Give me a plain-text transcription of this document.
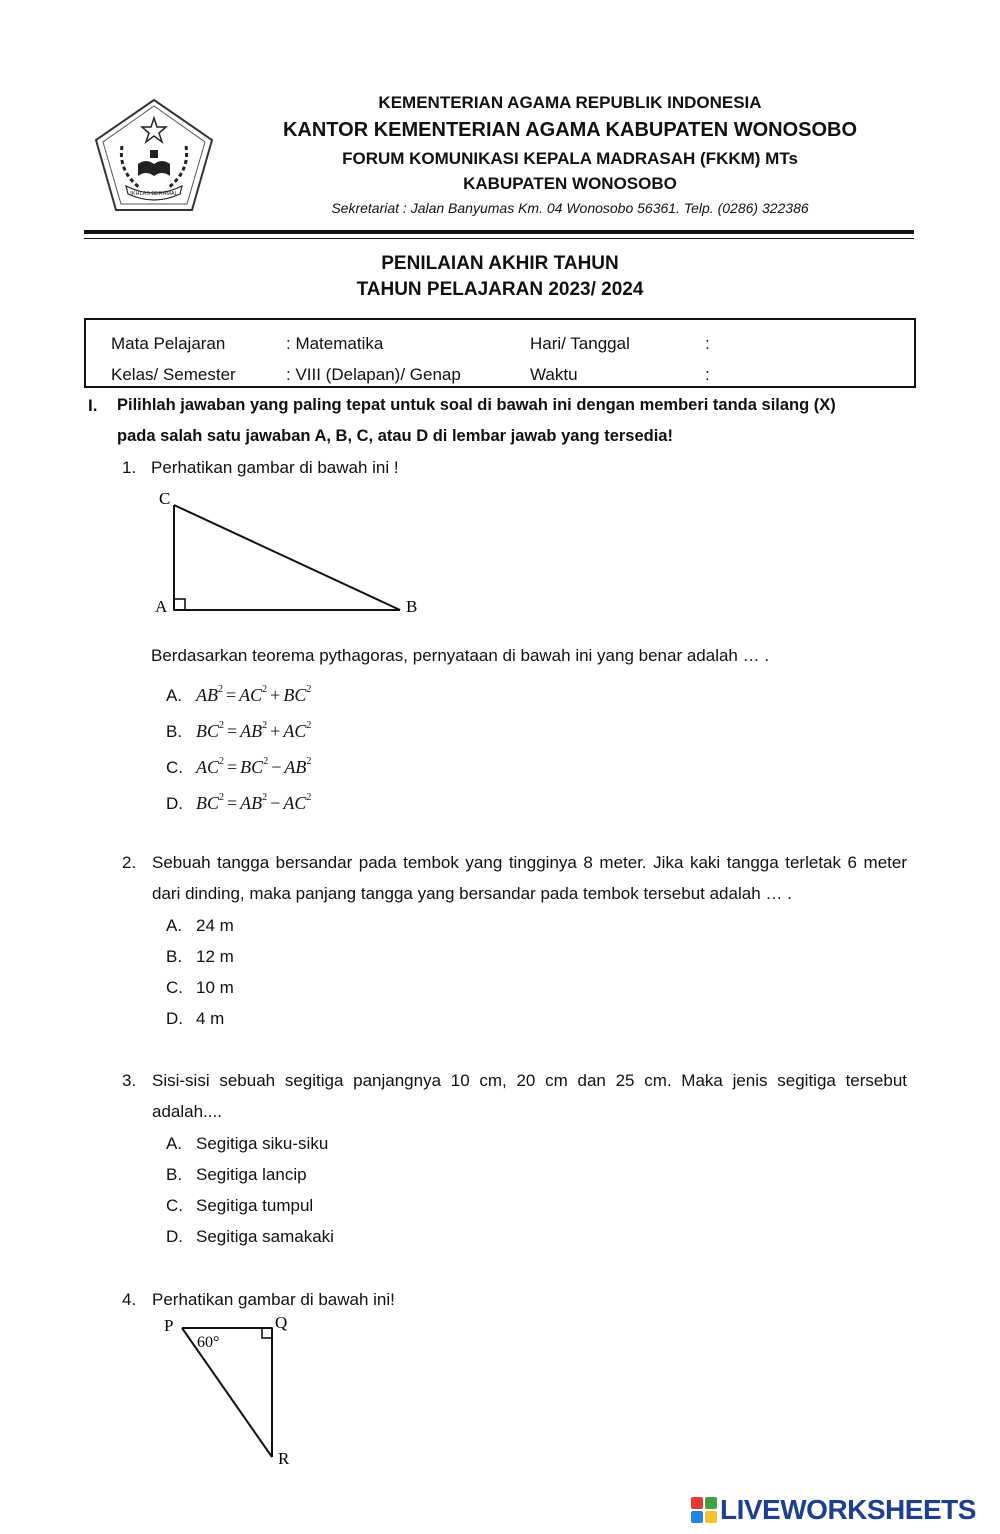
IKHLAS BERAMAL
KEMENTERIAN AGAMA REPUBLIK INDONESIA
KANTOR KEMENTERIAN AGAMA KABUPATEN WONOSOBO
FORUM KOMUNIKASI KEPALA MADRASAH (FKKM) MTs
KABUPATEN WONOSOBO
Sekretariat : Jalan Banyumas Km. 04 Wonosobo 56361. Telp. (0286) 322386
PENILAIAN AKHIR TAHUN
TAHUN PELAJARAN 2023/ 2024
Mata Pelajaran	: Matematika	Hari/ Tanggal	:
Kelas/ Semester	: VIII (Delapan)/ Genap	Waktu	:
I. Pilihlah jawaban yang paling tepat untuk soal di bawah ini dengan memberi tanda silang (X)
pada salah satu jawaban A, B, C, atau D di lembar jawab yang tersedia!
1. Perhatikan gambar di bawah ini !
C
A	B
Berdasarkan teorema pythagoras, pernyataan di bawah ini yang benar adalah … .
A. $AB^2 = AC^2 + BC^2$
B. $BC^2 = AB^2 + AC^2$
C. $AC^2 = BC^2 - AB^2$
D. $BC^2 = AB^2 - AC^2$
2. Sebuah tangga bersandar pada tembok yang tingginya 8 meter. Jika kaki tangga terletak 6 meter dari dinding, maka panjang tangga yang bersandar pada tembok tersebut adalah … .
A. 24 m
B. 12 m
C. 10 m
D. 4 m
3. Sisi-sisi sebuah segitiga panjangnya 10 cm, 20 cm dan 25 cm. Maka jenis segitiga tersebut adalah....
A. Segitiga siku-siku
B. Segitiga lancip
C. Segitiga tumpul
D. Segitiga samakaki
4. Perhatikan gambar di bawah ini!
P	Q
R
60°
LIVEWORKSHEETS
